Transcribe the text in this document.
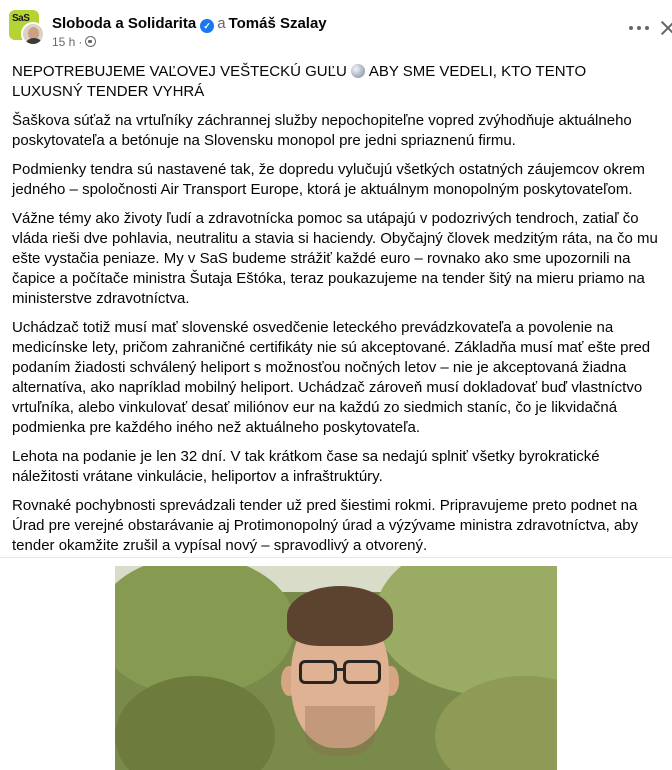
SaS Sloboda a Solidarita ✓ a Tomáš Szalay
15 h ·

NEPOTREBUJEME VAĽOVEJ VEŠTECKÚ GUĽU ABY SME VEDELI, KTO TENTO LUXUSNÝ TENDER VYHRÁ

Šaškova súťaž na vrtuľníky záchrannej služby nepochopiteľne vopred zvýhodňuje aktuálneho poskytovateľa a betónuje na Slovensku monopol pre jedni spriaznenú firmu.

Podmienky tendra sú nastavené tak, že dopredu vylučujú všetkých ostatných záujemcov okrem jedného – spoločnosti Air Transport Europe, ktorá je aktuálnym monopolným poskytovateľom.

Vážne témy ako životy ľudí a zdravotnícka pomoc sa utápajú v podozrivých tendroch, zatiaľ čo vláda rieši dve pohlavia, neutralitu a stavia si haciendy. Obyčajný človek medzitým ráta, na čo mu ešte vystačia peniaze. My v SaS budeme strážiť každé euro – rovnako ako sme upozornili na čapice a počítače ministra Šutaja Eštóka, teraz poukazujeme na tender šitý na mieru priamo na ministerstve zdravotníctva.

Uchádzač totiž musí mať slovenské osvedčenie leteckého prevádzkovateľa a povolenie na medicínske lety, pričom zahraničné certifikáty nie sú akceptované. Základňa musí mať ešte pred podaním žiadosti schválený heliport s možnosťou nočných letov – nie je akceptovaná žiadna alternatíva, ako napríklad mobilný heliport. Uchádzač zároveň musí dokladovať buď vlastníctvo vrtuľníka, alebo vinkulovať desať miliónov eur na každú zo siedmich staníc, čo je likvidačná podmienka pre každého iného než aktuálneho poskytovateľa.

Lehota na podanie je len 32 dní. V tak krátkom čase sa nedajú splniť všetky byrokratické náležitosti vrátane vinkulácie, heliportov a infraštruktúry.

Rovnaké pochybnosti sprevádzali tender už pred šiestimi rokmi. Pripravujeme preto podnet na Úrad pre verejné obstarávanie aj Protimonopolný úrad a výzývame ministra zdravotníctva, aby tender okamžite zrušil a vypísal nový – spravodlivý a otvorený.
